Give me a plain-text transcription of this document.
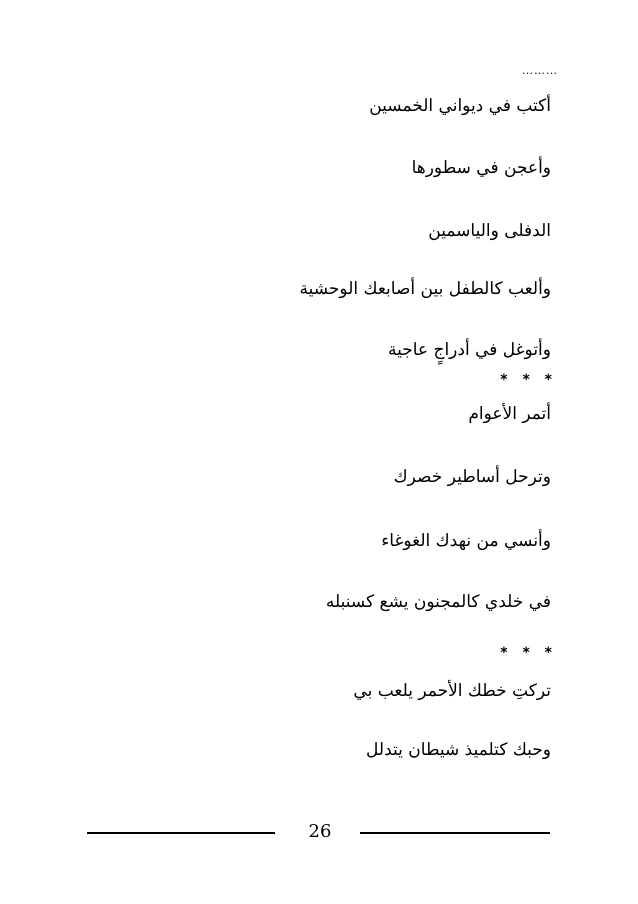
………
أكتب في ديواني الخمسين
وأعجن في سطورها
الدفلى والياسمين
وألعب كالطفل بين أصابعك الوحشية
وأتوغل في أدراجٍ عاجية
* * *
أتمر الأعوام
وترحل أساطير خصرك
وأنسي من نهدك الغوغاء
في خلدي كالمجنون يشع كسنبله
* * *
تركتِ خطك الأحمر يلعب بي
وحبك كتلميذ شيطان يتدلل
26
